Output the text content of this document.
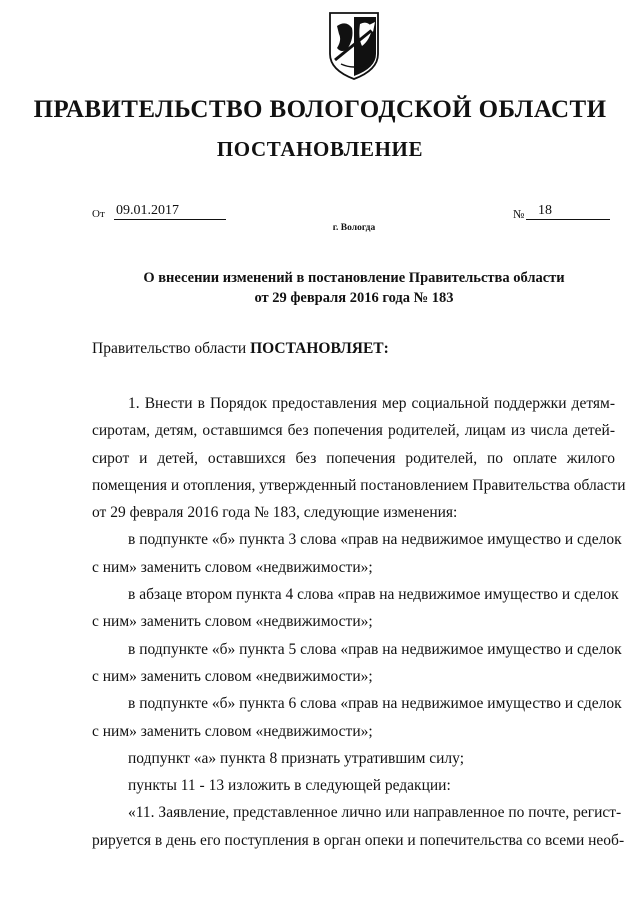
ПРАВИТЕЛЬСТВО ВОЛОГОДСКОЙ ОБЛАСТИ
ПОСТАНОВЛЕНИЕ
От 09.01.2017	№ 18
г. Вологда
О внесении изменений в постановление Правительства области
от 29 февраля 2016 года № 183
Правительство области ПОСТАНОВЛЯЕТ:
1. Внести в Порядок предоставления мер социальной поддержки детям-
сиротам, детям, оставшимся без попечения родителей, лицам из числа детей-
сирот и детей, оставшихся без попечения родителей, по оплате жилого
помещения и отопления, утвержденный постановлением Правительства области
от 29 февраля 2016 года № 183, следующие изменения:
в подпункте «б» пункта 3 слова «прав на недвижимое имущество и сделок
с ним» заменить словом «недвижимости»;
в абзаце втором пункта 4 слова «прав на недвижимое имущество и сделок
с ним» заменить словом «недвижимости»;
в подпункте «б» пункта 5 слова «прав на недвижимое имущество и сделок
с ним» заменить словом «недвижимости»;
в подпункте «б» пункта 6 слова «прав на недвижимое имущество и сделок
с ним» заменить словом «недвижимости»;
подпункт «а» пункта 8 признать утратившим силу;
пункты 11 - 13 изложить в следующей редакции:
«11. Заявление, представленное лично или направленное по почте, регист-
рируется в день его поступления в орган опеки и попечительства со всеми необ-
